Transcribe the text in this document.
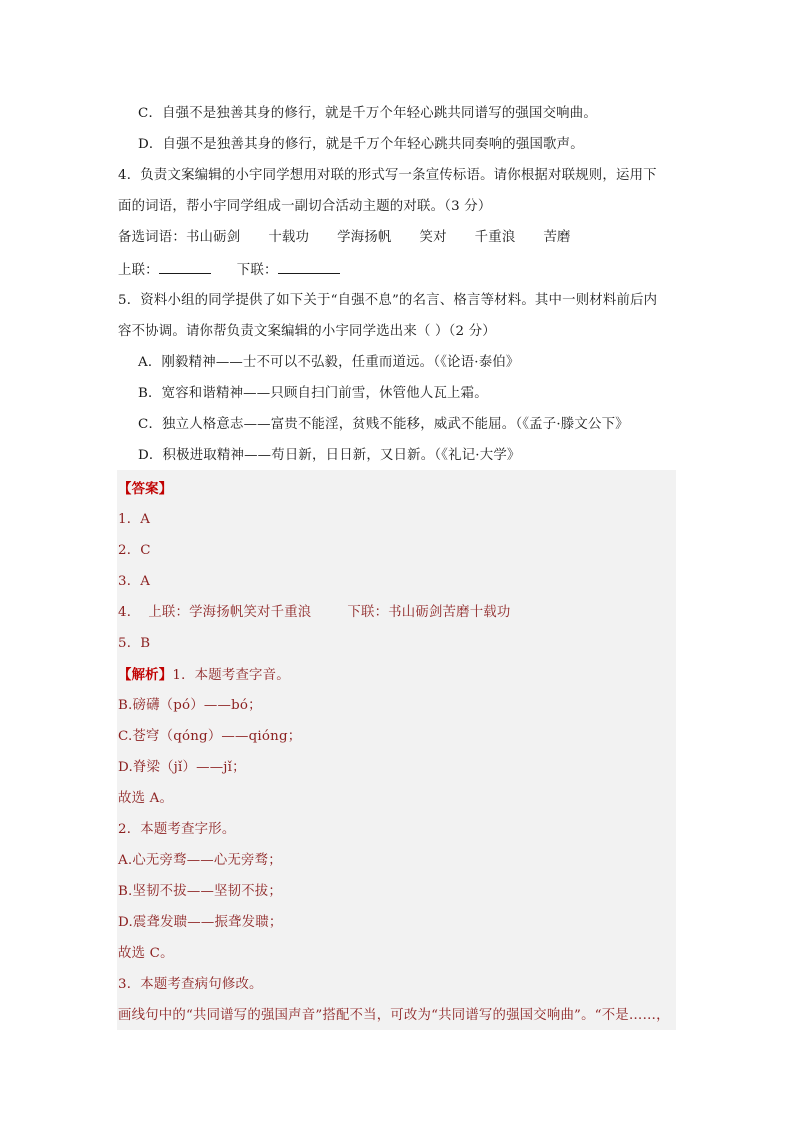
C．自强不是独善其身的修行，就是千万个年轻心跳共同谱写的强国交响曲。
D．自强不是独善其身的修行，就是千万个年轻心跳共同奏响的强国歌声。
4．负责文案编辑的小宇同学想用对联的形式写一条宣传标语。请你根据对联规则，运用下
面的词语，帮小宇同学组成一副切合活动主题的对联。（3 分）
备选词语：书山砺剑 十载功 学海扬帆 笑对 千重浪 苦磨
上联：	下联：
5．资料小组的同学提供了如下关于“自强不息”的名言、格言等材料。其中一则材料前后内
容不协调。请你帮负责文案编辑的小宇同学选出来（ ）（2 分）
A．刚毅精神——士不可以不弘毅，任重而道远。（《论语·泰伯》
B．宽容和谐精神——只顾自扫门前雪，休管他人瓦上霜。
C．独立人格意志——富贵不能淫，贫贱不能移，威武不能屈。（《孟子·滕文公下》
D．积极进取精神——苟日新，日日新，又日新。（《礼记·大学》
【答案】
1．A
2．C
3．A
4． 上联：学海扬帆笑对千重浪	下联：书山砺剑苦磨十载功
5．B
【解析】1．本题考查字音。
B.磅礴（pó）——bó；
C.苍穹（qóng）——qióng；
D.脊梁（jǐ）——jǐ；
故选 A。
2．本题考查字形。
A.心无旁骛——心无旁骛；
B.坚韧不拔——坚韧不拔；
D.震聋发聩——振聋发聩；
故选 C。
3．本题考查病句修改。
画线句中的“共同谱写的强国声音”搭配不当，可改为“共同谱写的强国交响曲”。“不是……，
